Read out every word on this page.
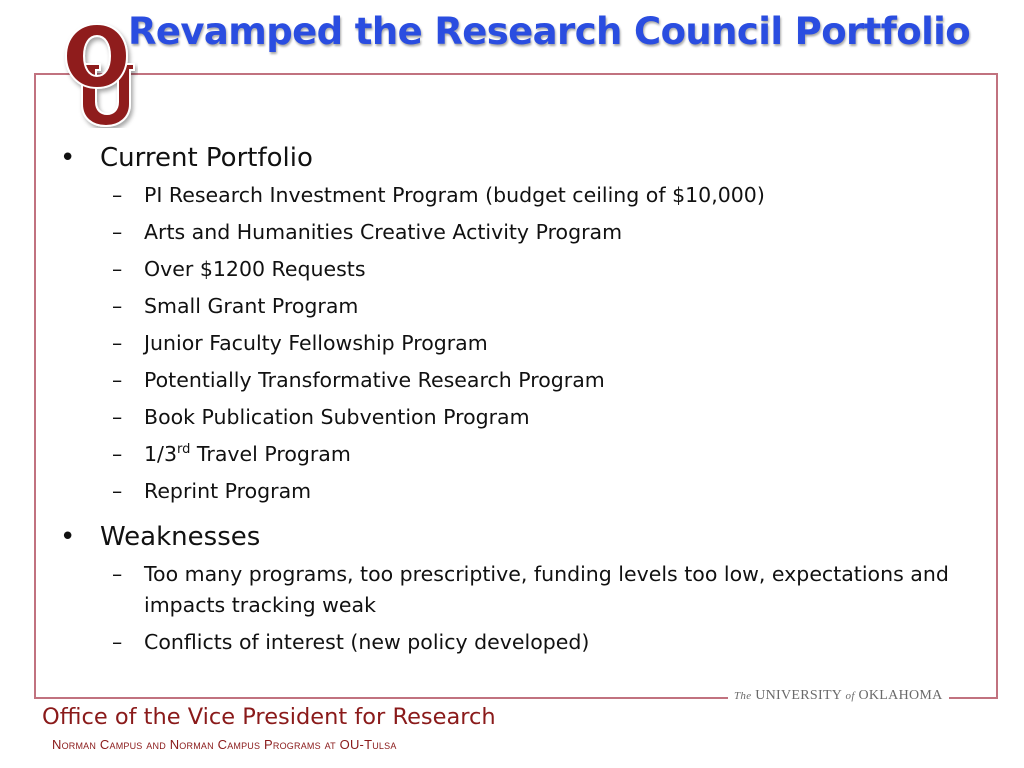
Revamped the Research Council Portfolio
• Current Portfolio
– PI Research Investment Program (budget ceiling of $10,000)
– Arts and Humanities Creative Activity Program
– Over $1200 Requests
– Small Grant Program
– Junior Faculty Fellowship Program
– Potentially Transformative Research Program
– Book Publication Subvention Program
– 1/3rd Travel Program
– Reprint Program
• Weaknesses
– Too many programs, too prescriptive, funding levels too low, expectations and impacts tracking weak
– Conflicts of interest (new policy developed)
The UNIVERSITY of OKLAHOMA
Office of the Vice President for Research
Norman Campus and Norman Campus Programs at OU-Tulsa
